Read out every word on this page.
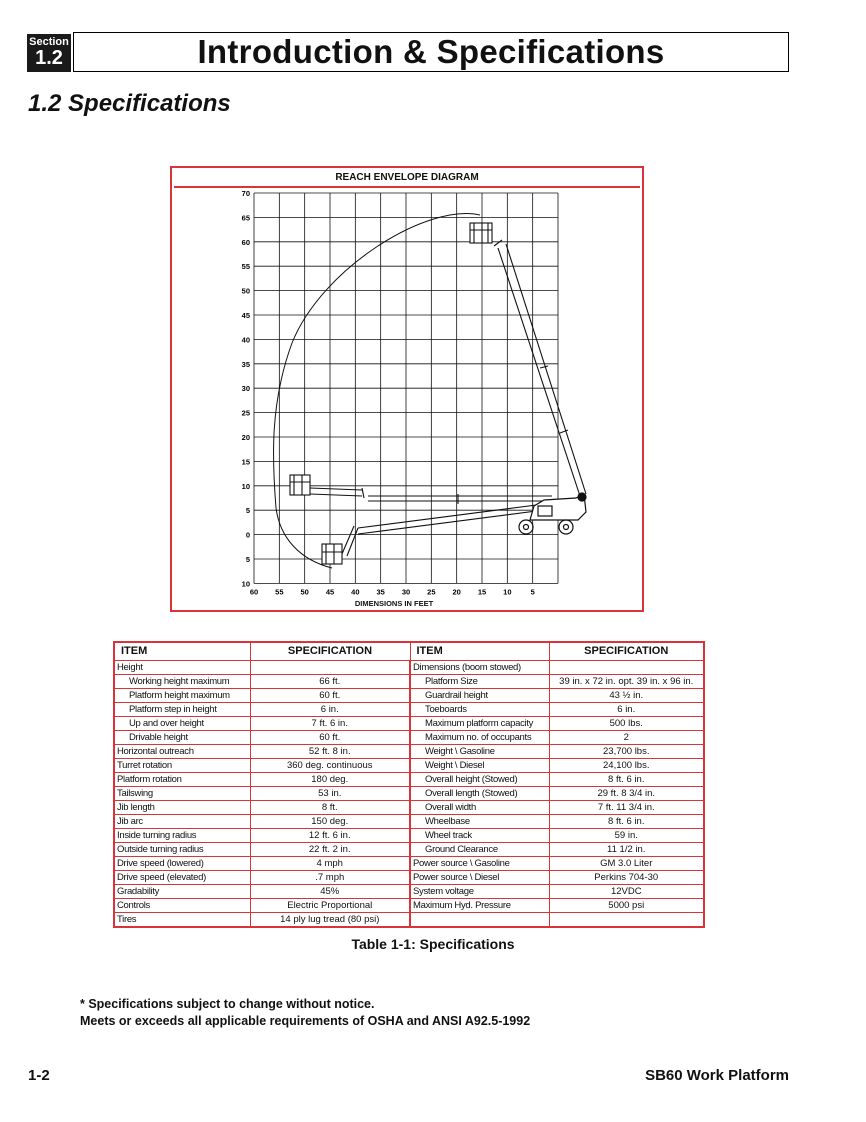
Section
1.2	Introduction & Specifications
1.2 Specifications
REACH ENVELOPE DIAGRAM
70
65
60
55
50
45
40
35
30
25
20
15
10
5
0
5
10
60 55 50 45 40 35 30 25 20 15 10	5
DIMENSIONS IN FEET
ITEM	SPECIFICATION	ITEM	SPECIFICATION
Height		Dimensions (boom stowed)	
Working height maximum	66 ft.	Platform Size	39 in. x 72 in. opt. 39 in. x 96 in.
Platform height maximum	60 ft.	Guardrail height	43 ½ in.
Platform step in height	6 in.	Toeboards	6 in.
Up and over height	7 ft. 6 in.	Maximum platform capacity	500 lbs.
Drivable height	60 ft.	Maximum no. of occupants	2
Horizontal outreach	52 ft. 8 in.	Weight \ Gasoline	23,700 lbs.
Turret rotation	360 deg. continuous	Weight \ Diesel	24,100 lbs.
Platform rotation	180 deg.	Overall height (Stowed)	8 ft. 6 in.
Tailswing	53 in.	Overall length (Stowed)	29 ft. 8 3/4 in.
Jib length	8 ft.	Overall width	7 ft. 11 3/4 in.
Jib arc	150 deg.	Wheelbase	8 ft. 6 in.
Inside turning radius	12 ft. 6 in.	Wheel track	59 in.
Outside turning radius	22 ft. 2 in.	Ground Clearance	11 1/2 in.
Drive speed (lowered)	4 mph	Power source \ Gasoline	GM 3.0 Liter
Drive speed (elevated)	.7 mph	Power source \ Diesel	Perkins 704-30
Gradability	45%	System voltage	12VDC
Controls	Electric Proportional	Maximum Hyd. Pressure	5000 psi
Tires	14 ply lug tread (80 psi)		
Table 1-1: Specifications
* Specifications subject to change without notice.
Meets or exceeds all applicable requirements of OSHA and ANSI A92.5-1992
1-2	SB60 Work Platform
